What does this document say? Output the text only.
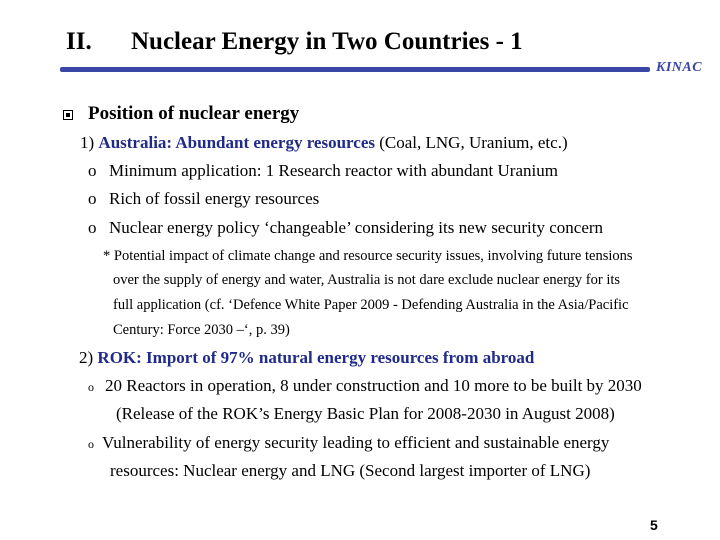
II. Nuclear Energy in Two Countries - 1
KINAC
Position of nuclear energy
1) Australia: Abundant energy resources (Coal, LNG, Uranium, etc.)
o Minimum application: 1 Research reactor with abundant Uranium
o Rich of fossil energy resources
o Nuclear energy policy ‘changeable’ considering its new security concern
* Potential impact of climate change and resource security issues, involving future tensions
over the supply of energy and water, Australia is not dare exclude nuclear energy for its
full application (cf. ‘Defence White Paper 2009 - Defending Australia in the Asia/Pacific
Century: Force 2030 –‘, p. 39)
2) ROK: Import of 97% natural energy resources from abroad
o 20 Reactors in operation, 8 under construction and 10 more to be built by 2030
(Release of the ROK’s Energy Basic Plan for 2008-2030 in August 2008)
o Vulnerability of energy security leading to efficient and sustainable energy
resources: Nuclear energy and LNG (Second largest importer of LNG)
5
